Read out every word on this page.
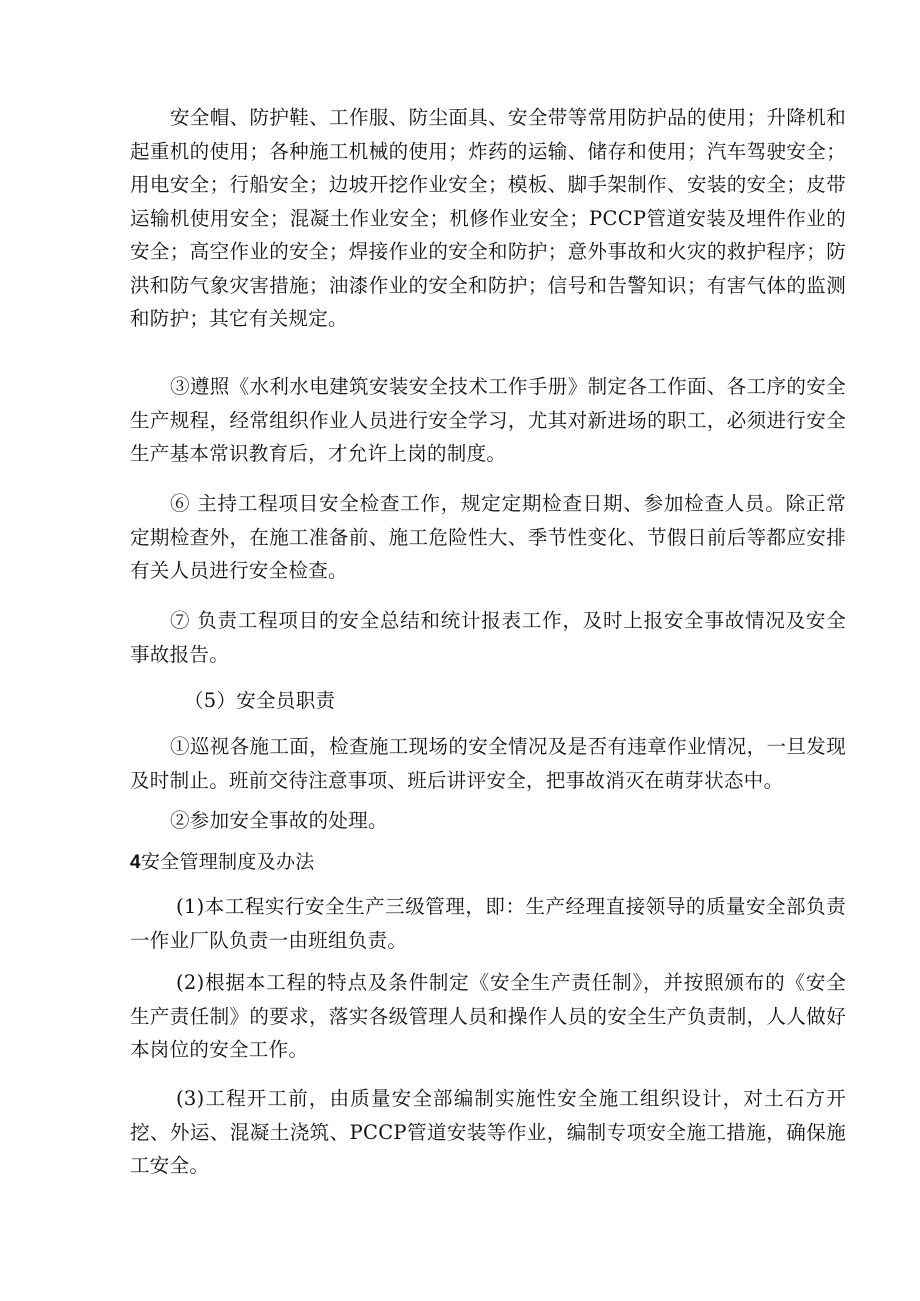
安全帽、防护鞋、工作服、防尘面具、安全带等常用防护品的使用；升降机和起重机的使用；各种施工机械的使用；炸药的运输、储存和使用；汽车驾驶安全；用电安全；行船安全；边坡开挖作业安全；模板、脚手架制作、安装的安全；皮带运输机使用安全；混凝土作业安全；机修作业安全；PCCP管道安装及埋件作业的安全；高空作业的安全；焊接作业的安全和防护；意外事故和火灾的救护程序；防洪和防气象灾害措施；油漆作业的安全和防护；信号和告警知识；有害气体的监测和防护；其它有关规定。

③遵照《水利水电建筑安装安全技术工作手册》制定各工作面、各工序的安全生产规程，经常组织作业人员进行安全学习，尤其对新进场的职工，必须进行安全生产基本常识教育后，才允许上岗的制度。

⑥ 主持工程项目安全检查工作，规定定期检查日期、参加检查人员。除正常定期检查外，在施工准备前、施工危险性大、季节性变化、节假日前后等都应安排有关人员进行安全检查。

⑦ 负责工程项目的安全总结和统计报表工作，及时上报安全事故情况及安全事故报告。

（5）安全员职责

①巡视各施工面，检查施工现场的安全情况及是否有违章作业情况，一旦发现及时制止。班前交待注意事项、班后讲评安全，把事故消灭在萌芽状态中。

②参加安全事故的处理。

4安全管理制度及办法

(1)本工程实行安全生产三级管理，即：生产经理直接领导的质量安全部负责一作业厂队负责一由班组负责。

(2)根据本工程的特点及条件制定《安全生产责任制》，并按照颁布的《安全生产责任制》的要求，落实各级管理人员和操作人员的安全生产负责制，人人做好本岗位的安全工作。

(3)工程开工前，由质量安全部编制实施性安全施工组织设计，对土石方开挖、外运、混凝土浇筑、PCCP管道安装等作业，编制专项安全施工措施，确保施工安全。
